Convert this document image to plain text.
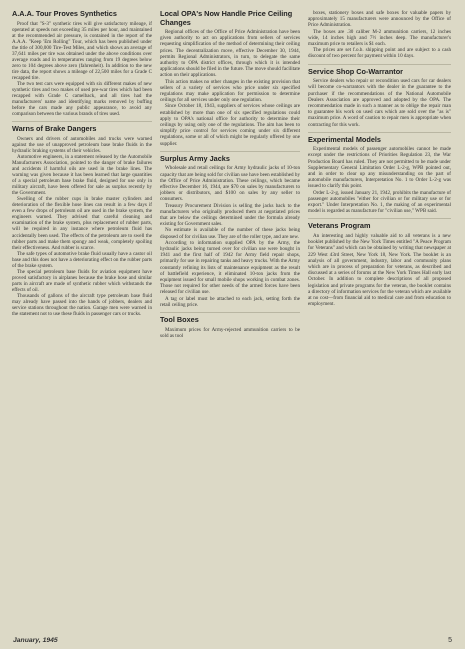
A.A.A. Tour Proves Synthetics

Proof that "S-3" synthetic tires will give satisfactory mileage, if operated at speeds not exceeding 35 miles per hour, and maintained at the recommended air pressure, is contained in the report of the A.A.A. "Keep 'Em Rolling" Tour, which has been published under the title of 300,000 Tire-Test Miles, and which shows an average of 37,641 miles per tire was obtained under the above conditions over average roads and in temperatures ranging from 19 degrees below zero to 104 degrees above zero (fahrenheit). In addition to the new tire data, the report shows a mileage of 22,500 miles for a Grade C recapped tire.

The two test cars were equipped with six different makes of new synthetic tires and two makes of used pre-war tires which had been recapped with Grade C camelback, and all tires had the manufacturers' name and identifying marks removed by buffing before the cars made any public appearance, to avoid any comparison between the various brands of tires used.

Warns of Brake Dangers

Owners and drivers of automobiles and trucks were warned against the use of unapproved petroleum base brake fluids in the hydraulic braking systems of their vehicles.

Automotive engineers, in a statement released by the Automobile Manufacturers Association, pointed to the danger of brake failures and accidents if harmful oils are used in the brake lines. The warning was given because it has been learned that large quantities of a special petroleum base brake fluid, designed for use only in military aircraft, have been offered for sale as surplus recently by the Government.

Swelling of the rubber cups in brake master cylinders and deterioration of the flexible hose lines can result in a few days if even a few drops of petroleum oil are used in the brake system, the engineers warned. They advised that careful cleaning and examination of the brake system, plus replacement of rubber parts, will be required in any instance where petroleum fluid has accidentally been used. The effects of the petroleum are to swell the rubber parts and make them spongy and weak, completely spoiling their effectiveness. And rubber is scarce.

The safe types of automotive brake fluid usually have a castor oil base and this does not have a deteriorating effect on the rubber parts of the brake system.

The special petroleum base fluids for aviation equipment have proved satisfactory in airplanes because the brake hose and similar parts in aircraft are made of synthetic rubber which withstands the effects of oil.

Thousands of gallons of the aircraft type petroleum base fluid may already have passed into the hands of jobbers, dealers and service stations throughout the nation. Garage men were warned in the statement not to use these fluids in passenger cars or trucks.

Local OPA's Now Handle Price Ceiling Changes

Regional offices of the Office of Price Administration have been given authority to act on applications from sellers of services requesting simplification of the method of determining their ceiling prices. The decentralization move, effective December 30, 1944, permits Regional Administrators, in turn, to delegate the same authority to OPA district offices, through which it is intended applications should be filed in the future. The move should facilitate action on their applications.

This action makes no other changes in the existing provision that sellers of a variety of services who price under six specified regulations may make application for permission to determine ceilings for all services under only one regulation.

Since October 18, 1943, suppliers of services whose ceilings are established by more than one of six specified regulations could apply to OPA's national office for authority to determine their ceilings by using only one of the regulations. The aim has been to simplify price control for services coming under six different regulations, some or all of which might be regularly offered by one supplier.

Surplus Army Jacks

Wholesale and retail ceilings for Army hydraulic jacks of 10-ton capacity that are being sold for civilian use have been established by the Office of Price Administration. These ceilings, which became effective December 16, 1944, are $70 on sales by manufacturers to jobbers or distributors, and $100 on sales by any seller to consumers.

Treasury Procurement Division is selling the jacks back to the manufacturers who originally produced them at negotiated prices that are below the ceilings determined under the formula already existing for Government sales.

No estimate is available of the number of these jacks being disposed of for civilian use. They are of the roller type, and are new.

According to information supplied OPA by the Army, the hydraulic jacks being turned over for civilian use were bought in 1941 and the first half of 1942 for Army field repair shops, primarily for use in repairing tanks and heavy trucks. With the Army constantly refining its lists of maintenance equipment as the result of battlefield experience, it eliminated 10-ton jacks from the equipment issued for small mobile shops working in combat zones. Those not required for other needs of the armed forces have been released for civilian use.

A tag or label must be attached to each jack, setting forth the retail ceiling price.

Tool Boxes

Maximum prices for Army-rejected ammunition carriers to be sold as tool

boxes, stationery boxes and safe boxes for valuable papers by approximately 15 manufacturers were announced by the Office of Price Administration.

The boxes are .30 caliber M-2 ammunition carriers, 12 inches wide, 14 inches high and 7½ inches deep. The manufacturer's maximum price to retailers is $1 each.

The prices are set f.o.b. shipping point and are subject to a cash discount of two percent for payment within 10 days.

Service Shop Co-Warrantor

Service dealers who repair or recondition used cars for car dealers will become co-warrantors with the dealer in the guarantee to the purchaser if the recommendations of the National Automobile Dealers Association are approved and adopted by the OPA. The recommendation made in such a manner as to oblige the repair man to guarantee his work on used cars which are sold over the "as is" maximum price. A word of caution to repair men is appropriate when contracting for this work.

Experimental Models

Experimental models of passenger automobiles cannot be made except under the restrictions of Priorities Regulation 23, the War Production Board has ruled. They are not permitted to be made under Supplementary General Limitation Order L-2-g, WPB pointed out, and in order to clear up any misunderstanding on the part of automobile manufacturers, Interpretation No. 1 to Order L-2-g was issued to clarify this point.

Order L-2-g, issued January 21, 1942, prohibits the manufacture of passenger automobiles "either for civilian or for military use or for export." Under Interpretation No. 1, the making of an experimental model is regarded as manufacture for "civilian use," WPB said.

Veterans Program

An interesting and highly valuable aid to all veterans is a new booklet published by the New York Times entitled "A Peace Program for Veterans" and which can be obtained by writing that newspaper at 229 West 43rd Street, New York 18, New York. The booklet is an analysis of all government, industry, labor and community plans which are in process of preparation for veterans, as described and discussed at a series of forums at the New York Times Hall early last October. In addition to complete descriptions of all proposed legislation and private programs for the veteran, the booklet contains a directory of information services for the veteran which are available at no cost—from financial aid to medical care and from education to employment.

January, 1945	5
